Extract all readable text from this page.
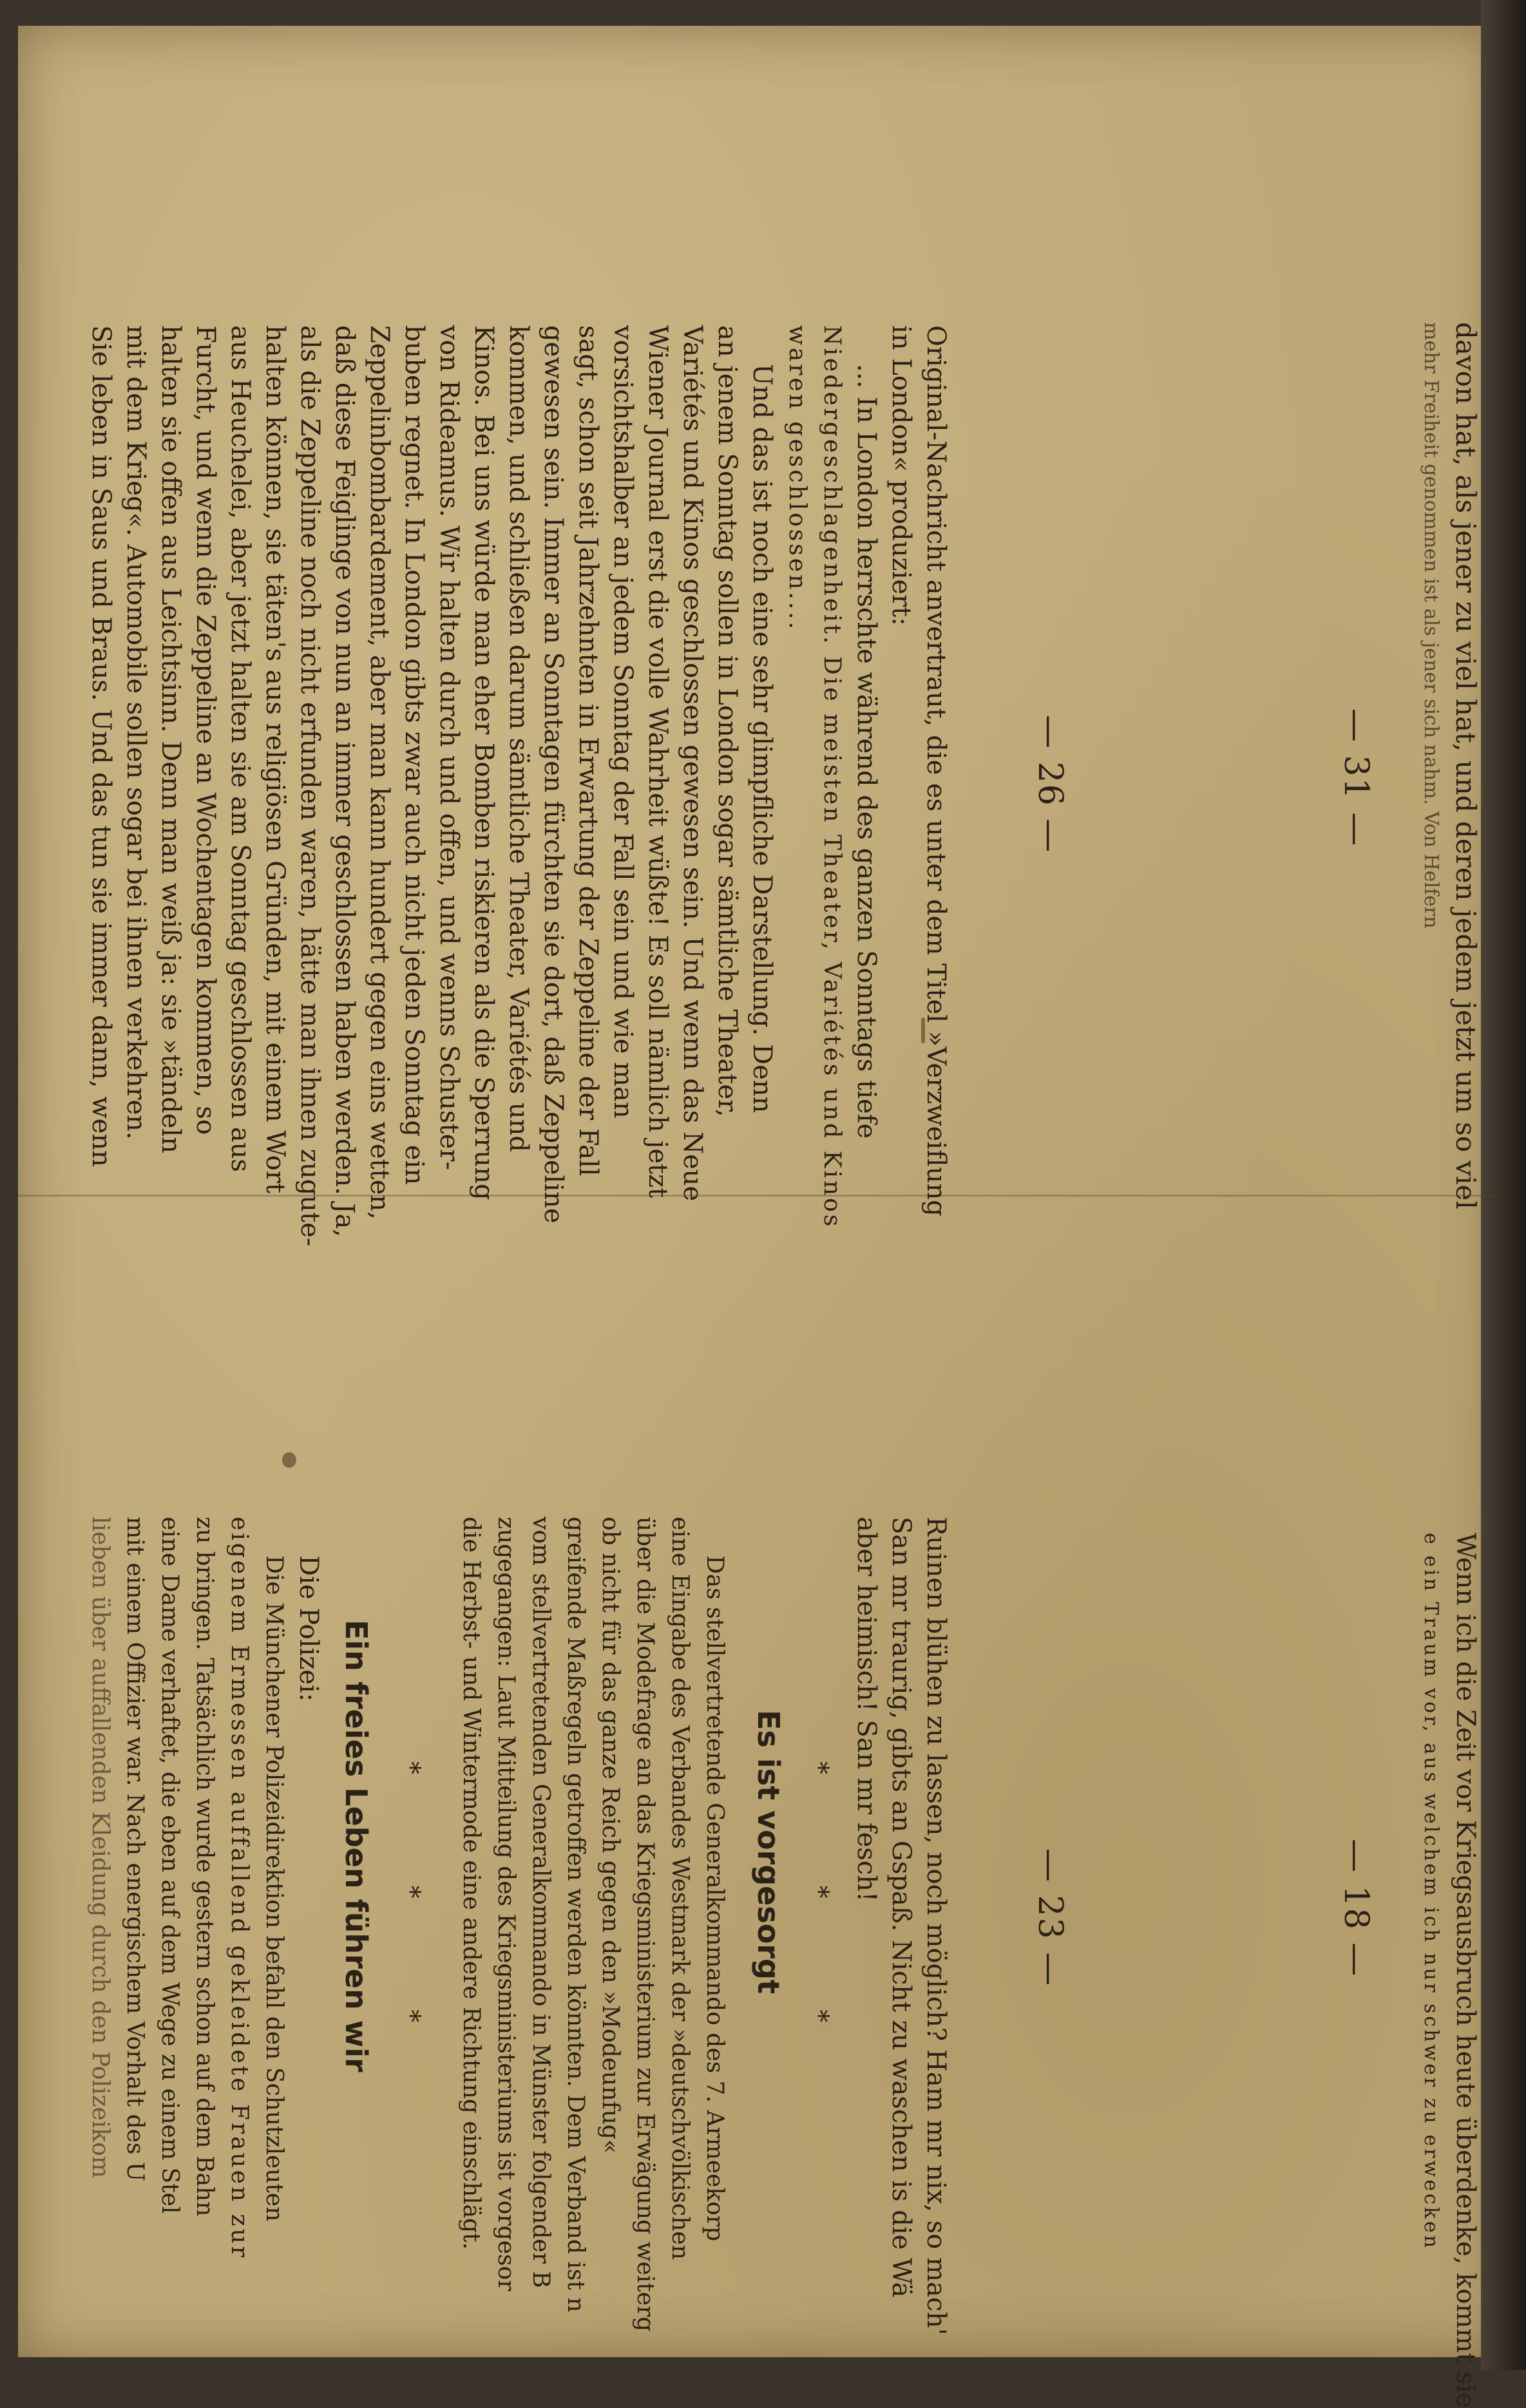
davon hat, als jener zu viel hat, und deren jedem jetzt um so viel
mehr Freiheit genommen ist als jener sich nahm. Von Helfern
Wenn ich die Zeit vor Kriegsausbruch heute überdenke, kommt sie
e ein Traum vor, aus welchem ich nur schwer zu erwecken
— 31 —
— 26 —
— 23 —	— 18 —
Original-Nachricht anvertraut, die es unter dem Titel »Verzweiflung
in London« produziert:
... In London herrschte während des ganzen Sonntags tiefe
Niedergeschlagenheit. Die meisten Theater, Variétés und Kinos
waren geschlossen....
Und das ist noch eine sehr glimpfliche Darstellung. Denn
an jenem Sonntag sollen in London sogar sämtliche Theater,
Variétés und Kinos geschlossen gewesen sein. Und wenn das Neue
Wiener Journal erst die volle Wahrheit wüßte! Es soll nämlich jetzt
vorsichtshalber an jedem Sonntag der Fall sein und wie man
sagt, schon seit Jahrzehnten in Erwartung der Zeppeline der Fall
gewesen sein. Immer an Sonntagen fürchten sie dort, daß Zeppeline
kommen, und schließen darum sämtliche Theater, Variétés und
Kinos. Bei uns würde man eher Bomben riskieren als die Sperrung
von Rideamus. Wir halten durch und offen, und wenns Schuster-
buben regnet. In London gibts zwar auch nicht jeden Sonntag ein
Zeppelinbombardement, aber man kann hundert gegen eins wetten,
daß diese Feiglinge von nun an immer geschlossen haben werden. Ja,
als die Zeppeline noch nicht erfunden waren, hätte man ihnen zugute-
halten können, sie täten's aus religiösen Gründen, mit einem Wort
aus Heuchelei, aber jetzt halten sie am Sonntag geschlossen aus
Furcht, und wenn die Zeppeline an Wochentagen kommen, so
halten sie offen aus Leichtsinn. Denn man weiß ja: sie »tändeln
mit dem Krieg«. Automobile sollen sogar bei ihnen verkehren.
Sie leben in Saus und Braus. Und das tun sie immer dann, wenn
Ruinen blühen zu lassen, noch möglich? Ham mr nix, so mach'
San mr traurig, gibts an Gspaß. Nicht zu waschen is die Wä
aber heimisch! San mr fesch!
* * *
Es ist vorgesorgt
Das stellvertretende Generalkommando des 7. Armeekorp
eine Eingabe des Verbandes Westmark der »deutschvölkischen
über die Modefrage an das Kriegsministerium zur Erwägung weiterg
ob nicht für das ganze Reich gegen den »Modeunfug«
greifende Maßregeln getroffen werden könnten. Dem Verband ist n
vom stellvertretenden Generalkommando in Münster folgender B
zugegangen: Laut Mitteilung des Kriegsministeriums ist vorgesor
die Herbst- und Wintermode eine andere Richtung einschlägt.
* * *
Ein freies Leben führen wir
Die Polizei:
Die Münchener Polizeidirektion befahl den Schutzleuten
eigenem Ermessen auffallend gekleidete Frauen zur
zu bringen. Tatsächlich wurde gestern schon auf dem Bahn
eine Dame verhaftet, die eben auf dem Wege zu einem Stel
mit einem Offizier war. Nach energischem Vorhalt des U
lieben über auffallenden Kleidung durch den Polizeikom
